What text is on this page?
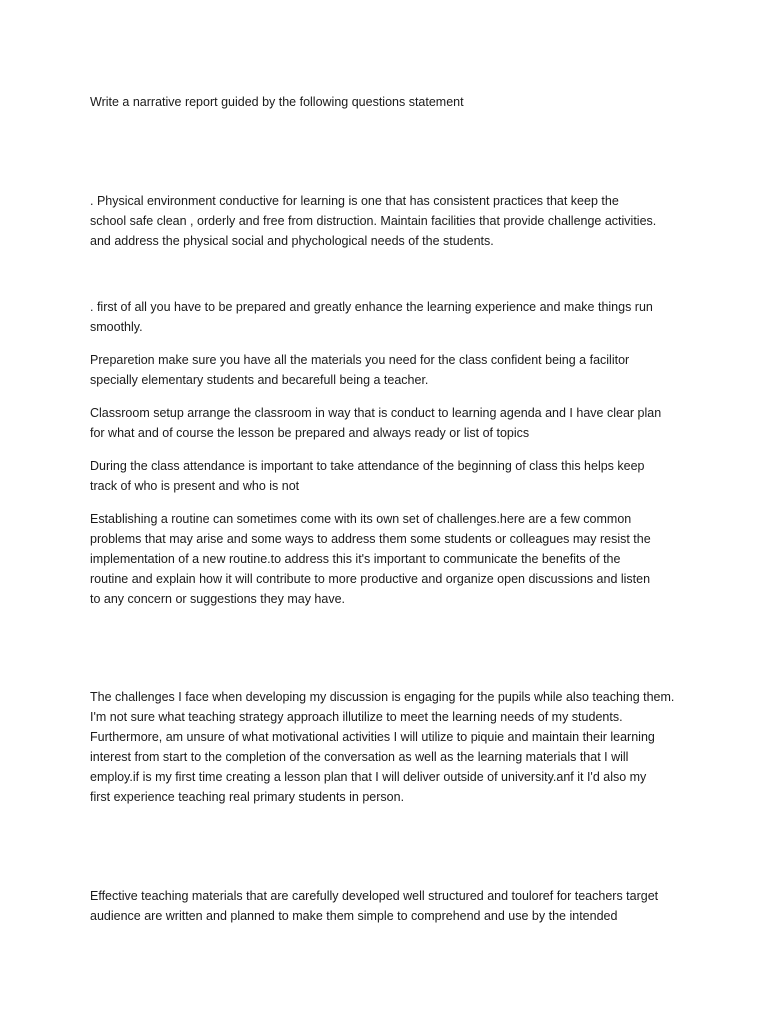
Write a narrative report guided by the following questions statement

. Physical environment conductive for learning is one that has consistent practices that keep the
school safe clean , orderly and free from distruction. Maintain facilities that provide challenge activities.
and address the physical social and phychological needs of the students.

. first of all you have to be prepared and greatly enhance the learning experience and make things run
smoothly.

Preparetion make sure you have all the materials you need for the class confident being a facilitor
specially elementary students and becarefull being a teacher.

Classroom setup arrange the classroom in way that is conduct to learning agenda and I have clear plan
for what and of course the lesson be prepared and always ready or list of topics

During the class attendance is important to take attendance of the beginning of class this helps keep
track of who is present and who is not

Establishing a routine can sometimes come with its own set of challenges.here are a few common
problems that may arise and some ways to address them some students or colleagues may resist the
implementation of a new routine.to address this it's important to communicate the benefits of the
routine and explain how it will contribute to more productive and organize open discussions and listen
to any concern or suggestions they may have.

The challenges I face when developing my discussion is engaging for the pupils while also teaching them.
I'm not sure what teaching strategy approach illutilize to meet the learning needs of my students.
Furthermore, am unsure of what motivational activities I will utilize to piquie and maintain their learning
interest from start to the completion of the conversation as well as the learning materials that I will
employ.if is my first time creating a lesson plan that I will deliver outside of university.anf it I'd also my
first experience teaching real primary students in person.

Effective teaching materials that are carefully developed well structured and touloref for teachers target
audience are written and planned to make them simple to comprehend and use by the intended
